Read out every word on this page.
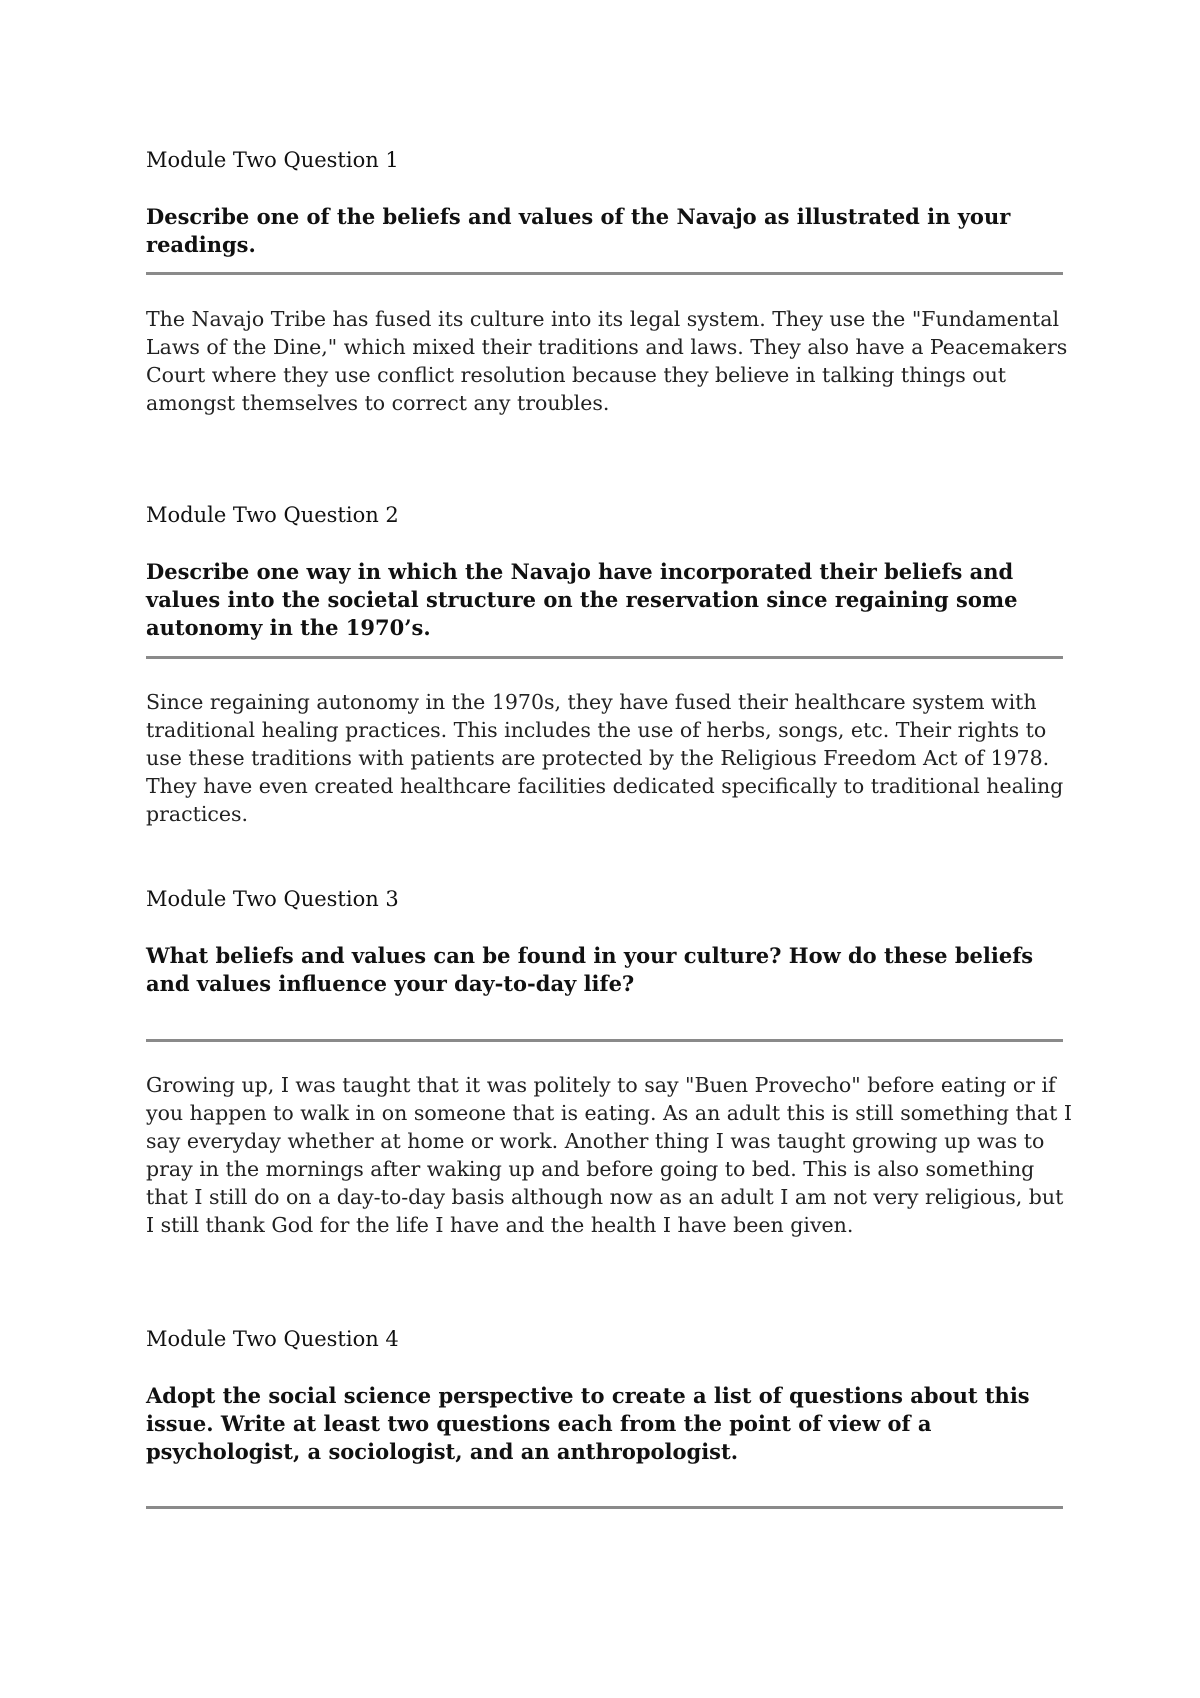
Module Two Question 1

Describe one of the beliefs and values of the Navajo as illustrated in your readings.

The Navajo Tribe has fused its culture into its legal system. They use the "Fundamental Laws of the Dine," which mixed their traditions and laws. They also have a Peacemakers Court where they use conflict resolution because they believe in talking things out amongst themselves to correct any troubles.

Module Two Question 2

Describe one way in which the Navajo have incorporated their beliefs and values into the societal structure on the reservation since regaining some autonomy in the 1970’s.

Since regaining autonomy in the 1970s, they have fused their healthcare system with traditional healing practices. This includes the use of herbs, songs, etc. Their rights to use these traditions with patients are protected by the Religious Freedom Act of 1978. They have even created healthcare facilities dedicated specifically to traditional healing practices.

Module Two Question 3

What beliefs and values can be found in your culture? How do these beliefs and values influence your day-to-day life?

Growing up, I was taught that it was politely to say "Buen Provecho" before eating or if you happen to walk in on someone that is eating. As an adult this is still something that I say everyday whether at home or work. Another thing I was taught growing up was to pray in the mornings after waking up and before going to bed. This is also something that I still do on a day-to-day basis although now as an adult I am not very religious, but I still thank God for the life I have and the health I have been given.

Module Two Question 4

Adopt the social science perspective to create a list of questions about this issue. Write at least two questions each from the point of view of a psychologist, a sociologist, and an anthropologist.
